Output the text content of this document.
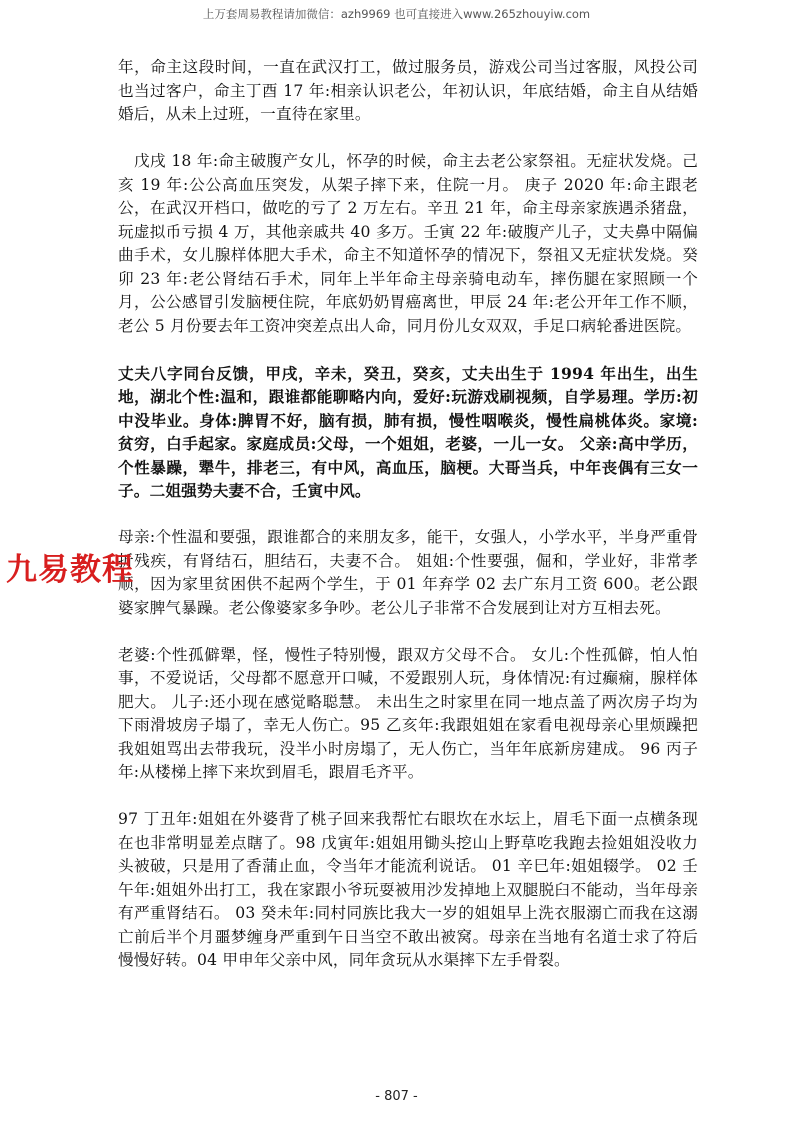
上万套周易教程请加微信：azh9969 也可直接进入www.265zhouyiw.com

年，命主这段时间，一直在武汉打工，做过服务员，游戏公司当过客服，风投公司也当过客户，命主丁酉 17 年:相亲认识老公，年初认识，年底结婚，命主自从结婚婚后，从未上过班，一直待在家里。

　戊戌 18 年:命主破腹产女儿，怀孕的时候，命主去老公家祭祖。无症状发烧。己亥 19 年:公公高血压突发，从架子摔下来，住院一月。 庚子 2020 年:命主跟老公，在武汉开档口，做吃的亏了 2 万左右。辛丑 21 年，命主母亲家族遇杀猪盘，玩虚拟币亏损 4 万，其他亲戚共 40 多万。壬寅 22 年:破腹产儿子，丈夫鼻中隔偏曲手术，女儿腺样体肥大手术，命主不知道怀孕的情况下，祭祖又无症状发烧。癸卯 23 年:老公肾结石手术，同年上半年命主母亲骑电动车，摔伤腿在家照顾一个月，公公感冒引发脑梗住院，年底奶奶胃癌离世，甲辰 24 年:老公开年工作不顺，老公 5 月份要去年工资冲突差点出人命，同月份儿女双双，手足口病轮番进医院。

丈夫八字同台反馈，甲戌，辛未，癸丑，癸亥，丈夫出生于 1994 年出生，出生地，湖北个性:温和，跟谁都能聊略内向，爱好:玩游戏刷视频，自学易理。学历:初中没毕业。身体:脾胃不好，脑有损，肺有损，慢性咽喉炎，慢性扁桃体炎。家境:贫穷，白手起家。家庭成员:父母，一个姐姐，老婆，一儿一女。 父亲:高中学历，个性暴躁，犟牛，排老三，有中风，高血压，脑梗。大哥当兵，中年丧偶有三女一子。二姐强势夫妻不合，壬寅中风。

母亲:个性温和要强，跟谁都合的来朋友多，能干，女强人，小学水平，半身严重骨折残疾，有肾结石，胆结石，夫妻不合。 姐姐:个性要强，倔和，学业好，非常孝顺，因为家里贫困供不起两个学生，于 01 年弃学 02 去广东月工资 600。老公跟婆家脾气暴躁。老公像婆家多争吵。老公儿子非常不合发展到让对方互相去死。

老婆:个性孤僻犟，怪，慢性子特别慢，跟双方父母不合。 女儿:个性孤僻，怕人怕事，不爱说话，父母都不愿意开口喊，不爱跟别人玩，身体情况:有过癫痫，腺样体肥大。 儿子:还小现在感觉略聪慧。 未出生之时家里在同一地点盖了两次房子均为下雨滑坡房子塌了，幸无人伤亡。95 乙亥年:我跟姐姐在家看电视母亲心里烦躁把我姐姐骂出去带我玩，没半小时房塌了，无人伤亡，当年年底新房建成。 96 丙子年:从楼梯上摔下来坎到眉毛，跟眉毛齐平。

97 丁丑年:姐姐在外婆背了桃子回来我帮忙右眼坎在水坛上，眉毛下面一点横条现在也非常明显差点瞎了。98 戊寅年:姐姐用锄头挖山上野草吃我跑去捡姐姐没收力头被破，只是用了香蒲止血，令当年才能流利说话。 01 辛巳年:姐姐辍学。 02 壬午年:姐姐外出打工，我在家跟小爷玩耍被用沙发掉地上双腿脱臼不能动，当年母亲有严重肾结石。 03 癸未年:同村同族比我大一岁的姐姐早上洗衣服溺亡而我在这溺亡前后半个月噩梦缠身严重到午日当空不敢出被窝。母亲在当地有名道士求了符后慢慢好转。04 甲申年父亲中风，同年贪玩从水渠摔下左手骨裂。

九易教程
- 807 -
